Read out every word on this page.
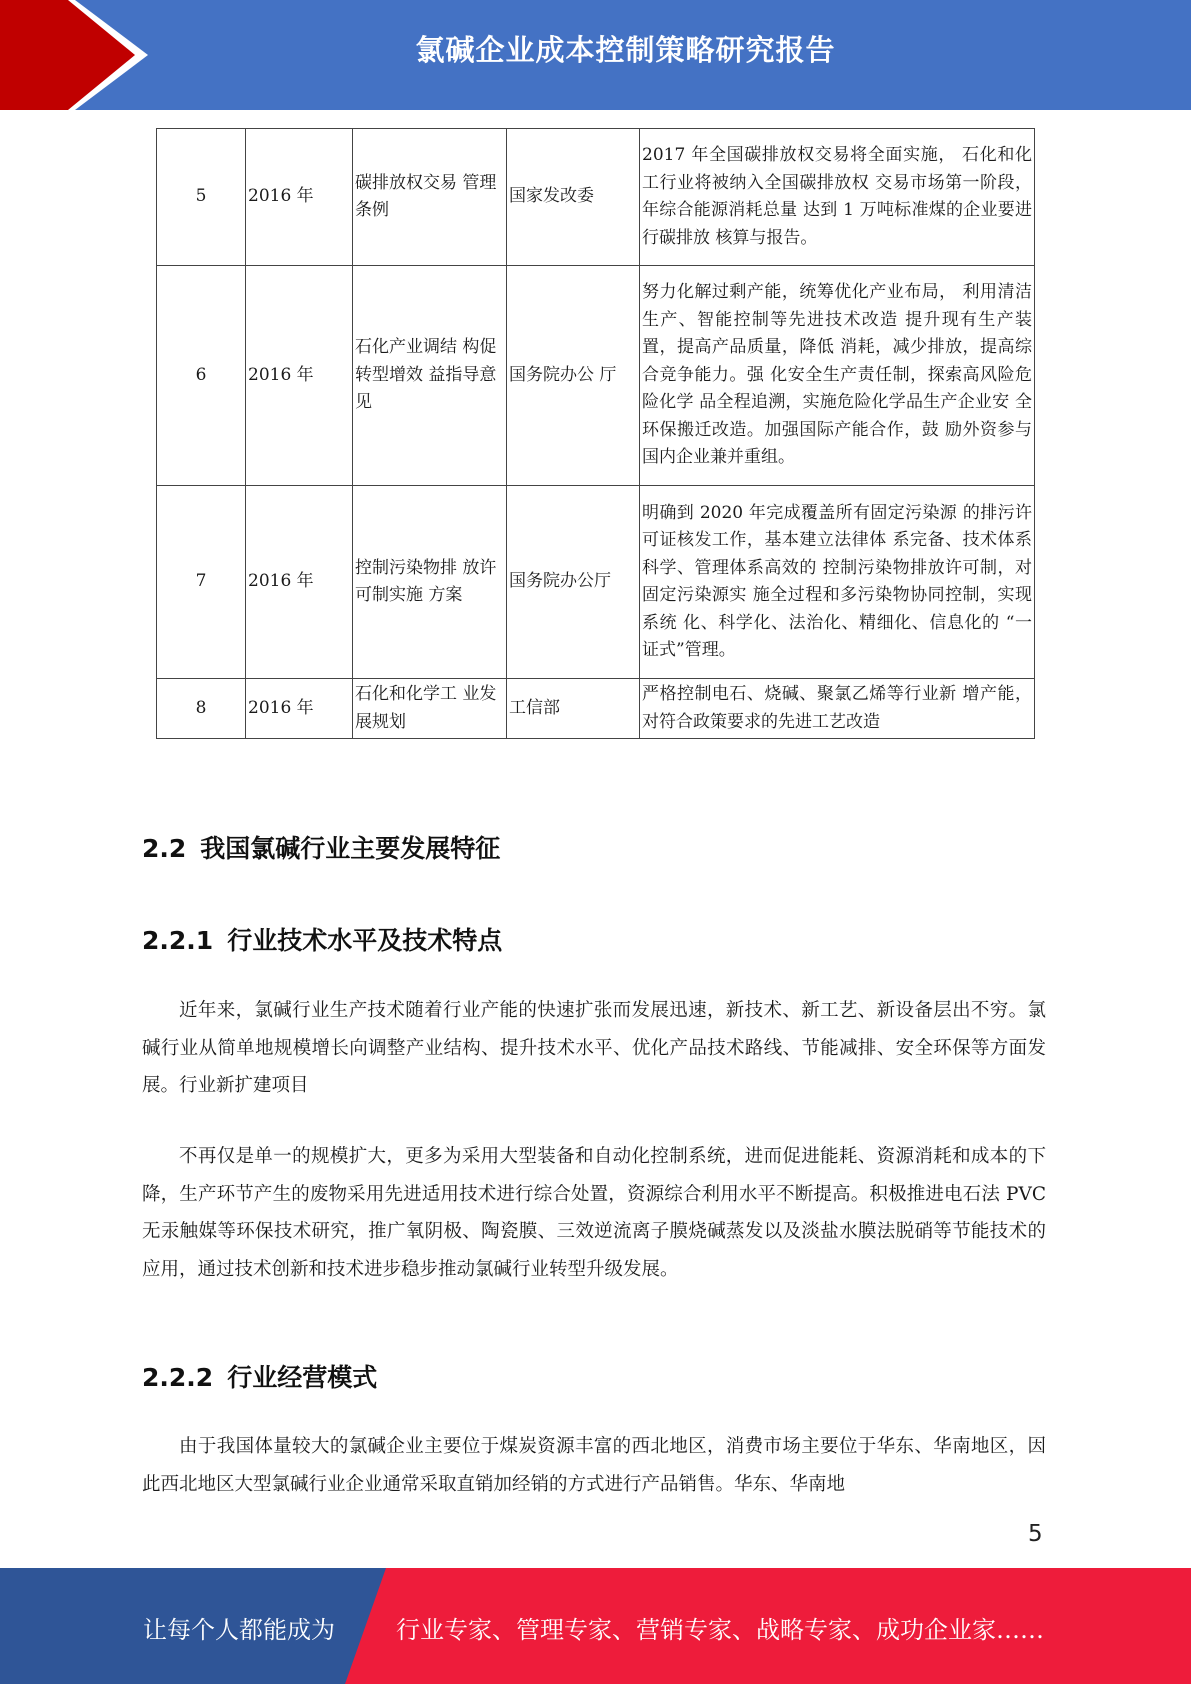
氯碱企业成本控制策略研究报告
5	2016 年	碳排放权交易 管理条例	国家发改委	2017 年全国碳排放权交易将全面实施， 石化和化工行业将被纳入全国碳排放权 交易市场第一阶段，年综合能源消耗总量 达到 1 万吨标准煤的企业要进行碳排放 核算与报告。
6	2016 年	石化产业调结 构促转型增效 益指导意见	国务院办公 厅	努力化解过剩产能，统筹优化产业布局， 利用清洁生产、智能控制等先进技术改造 提升现有生产装置，提高产品质量，降低 消耗，减少排放，提高综合竞争能力。强 化安全生产责任制，探索高风险危险化学 品全程追溯，实施危险化学品生产企业安 全环保搬迁改造。加强国际产能合作，鼓 励外资参与国内企业兼并重组。
7	2016 年	控制污染物排 放许可制实施 方案	国务院办公厅	明确到 2020 年完成覆盖所有固定污染源 的排污许可证核发工作，基本建立法律体 系完备、技术体系科学、管理体系高效的 控制污染物排放许可制，对固定污染源实 施全过程和多污染物协同控制，实现系统 化、科学化、法治化、精细化、信息化的 “一证式”管理。
8	2016 年	石化和化学工 业发展规划	工信部	严格控制电石、烧碱、聚氯乙烯等行业新 增产能，对符合政策要求的先进工艺改造
2.2 我国氯碱行业主要发展特征
2.2.1 行业技术水平及技术特点

近年来，氯碱行业生产技术随着行业产能的快速扩张而发展迅速，新技术、新工艺、新设备层出不穷。氯碱行业从简单地规模增长向调整产业结构、提升技术水平、优化产品技术路线、节能减排、安全环保等方面发展。行业新扩建项目

不再仅是单一的规模扩大，更多为采用大型装备和自动化控制系统，进而促进能耗、资源消耗和成本的下降，生产环节产生的废物采用先进适用技术进行综合处置，资源综合利用水平不断提高。积极推进电石法 PVC 无汞触媒等环保技术研究，推广氧阴极、陶瓷膜、三效逆流离子膜烧碱蒸发以及淡盐水膜法脱硝等节能技术的应用，通过技术创新和技术进步稳步推动氯碱行业转型升级发展。

2.2.2 行业经营模式

由于我国体量较大的氯碱企业主要位于煤炭资源丰富的西北地区，消费市场主要位于华东、华南地区，因此西北地区大型氯碱行业企业通常采取直销加经销的方式进行产品销售。华东、华南地

5
让每个人都能成为	行业专家、管理专家、营销专家、战略专家、成功企业家……
